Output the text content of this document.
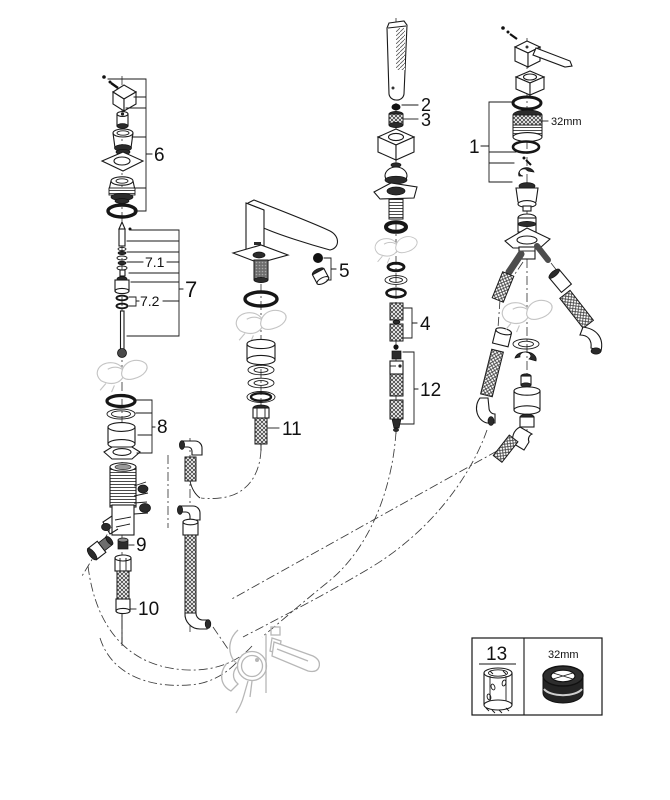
6
7.1
7.2 7
8
9
10
11
2
3
5
4
12
1
32mm
13	32mm
